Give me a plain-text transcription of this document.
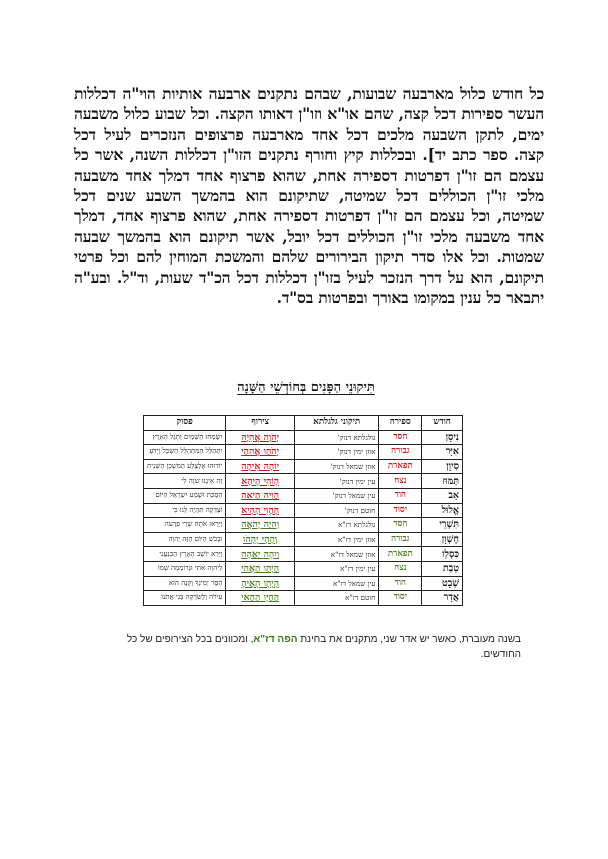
כל חודש כלול מארבעה שבועות, שבהם נתקנים ארבעה אותיות הוי"ה דכללות העשר ספירות דכל קצה, שהם או"א וזו"ן דאותו הקצה. וכל שבוע כלול משבעה ימים, לתקן השבעה מלכים דכל אחד מארבעה פרצופים הנזכרים לעיל דכל קצה. ספר כתב יד]. ובכללות קיץ וחורף נתקנים הזו"ן דכללות השנה, אשר כל עצמם הם זו"ן דפרטות דספירה אחת, שהוא פרצוף אחד דמלך אחד משבעה מלכי זו"ן הכוללים דכל שמיטה, שתיקונם הוא בהמשך השבע שנים דכל שמיטה, וכל עצמם הם זו"ן דפרטות דספירה אחת, שהוא פרצוף אחד, דמלך אחד משבעה מלכי זו"ן הכוללים דכל יובל, אשר תיקונם הוא בהמשך שבעה שמטות. וכל אלו סדר תיקון הבירורים שלהם והמשכת המוחין להם וכל פרטי תיקונם, הוא על דרך הנזכר לעיל בזו"ן דכללות דכל הכ"ד שעות, וד"ל. ובע"ה יתבאר כל ענין במקומו באורך ובפרטות בס"ד.
תִּיקוּנֵי הַפָּנִים בְּחוֹדְשֵׁי הַשָּׁנָה
חודש	ספירה	תיקוני גלגלתא	צירוף	פסוק
נִיסָן	חסד	גולגלתא דנוק'	יְהֹוָה אֲהִיָה	יִשְׂמְחוּ הַשָּׁמַיִם וְתָגֵל הָאָרֶץ
אִיָּר	גבורה	אוזן ימין דנוק'	יְהֹהָו אֲהִהָי	יִתְהַלֵּל הַמִּתְהַלֵּל הַשְׂכֵּל וְיָדֹעַ
סִיוָן	תפארת	אוזן שמאל דנוק'	יוֹהָה אִיהָה	יוֹדוּהוּ אֶלְצֶלַע הַמִּשְׁכָּן הַשֵּׁנִית
תַּמּוּז	נצח	עין ימין דנוק'	הָוֹהִי הָיהָא	זֶה אֵינֶנּוּ שֹׁוֶה לִי
אָב	הוד	עין שמאל דנוק'	הָוִיה הָיאָה	הַסְכֵּת וּשְׁמַע יִשְׂרָאֵל הַיּוֹם
אֱלוּל	יסוד	חוטם דנוק'	הָהָוִי הָהָיא	וּצְדָקָה תִּהְיֶה לָּנוּ כִּי
תִּשְׁרֵי	חסד	גולגלתא דז"א	וְהִיָה יְהֹאֲה	וַיַּרְאוּ אֹתָהּ שָׂרֵי פַרְעֹה
חֶשְׁוָן	גבורה	אוזן ימין דז"א	וְהָהָי יְהָהֹו	וּבְכֹשׁ הַיּוֹם הַזֶּה יְהוָה
כִּסְלֵו	תפארת	אוזן שמאל דז"א	וְיִהָה יְאֲהָה	וַיַּרְא יוֹשֵׁב הָאָרֶץ הַכְּנַעֲנִי
טֵבֵת	נצח	עין ימין דז"א	הָיְהָו הָאֲהִי	לַיהוָה אִתִּי וּנְרוֹמְמָה שְׁמוֹ
שְׁבָט	הוד	עין שמאל דז"א	הָיְהָו הָאֲיהָ	הַסֵּר יְמִינְךָ וְקָנֶה הוּא
אֲדָר	יסוד	חוטם דז"א	הָהָיְו הָהָאִי	עִירֹה וְלַשֹּׂרֵקָה בְּנִי אֲתֹנוֹ
בשנה מעוברת, כאשר יש אדר שני, מתקנים את בחינת הפה דז"א, ומכוונים בכל הצירופים של כל החודשים.
